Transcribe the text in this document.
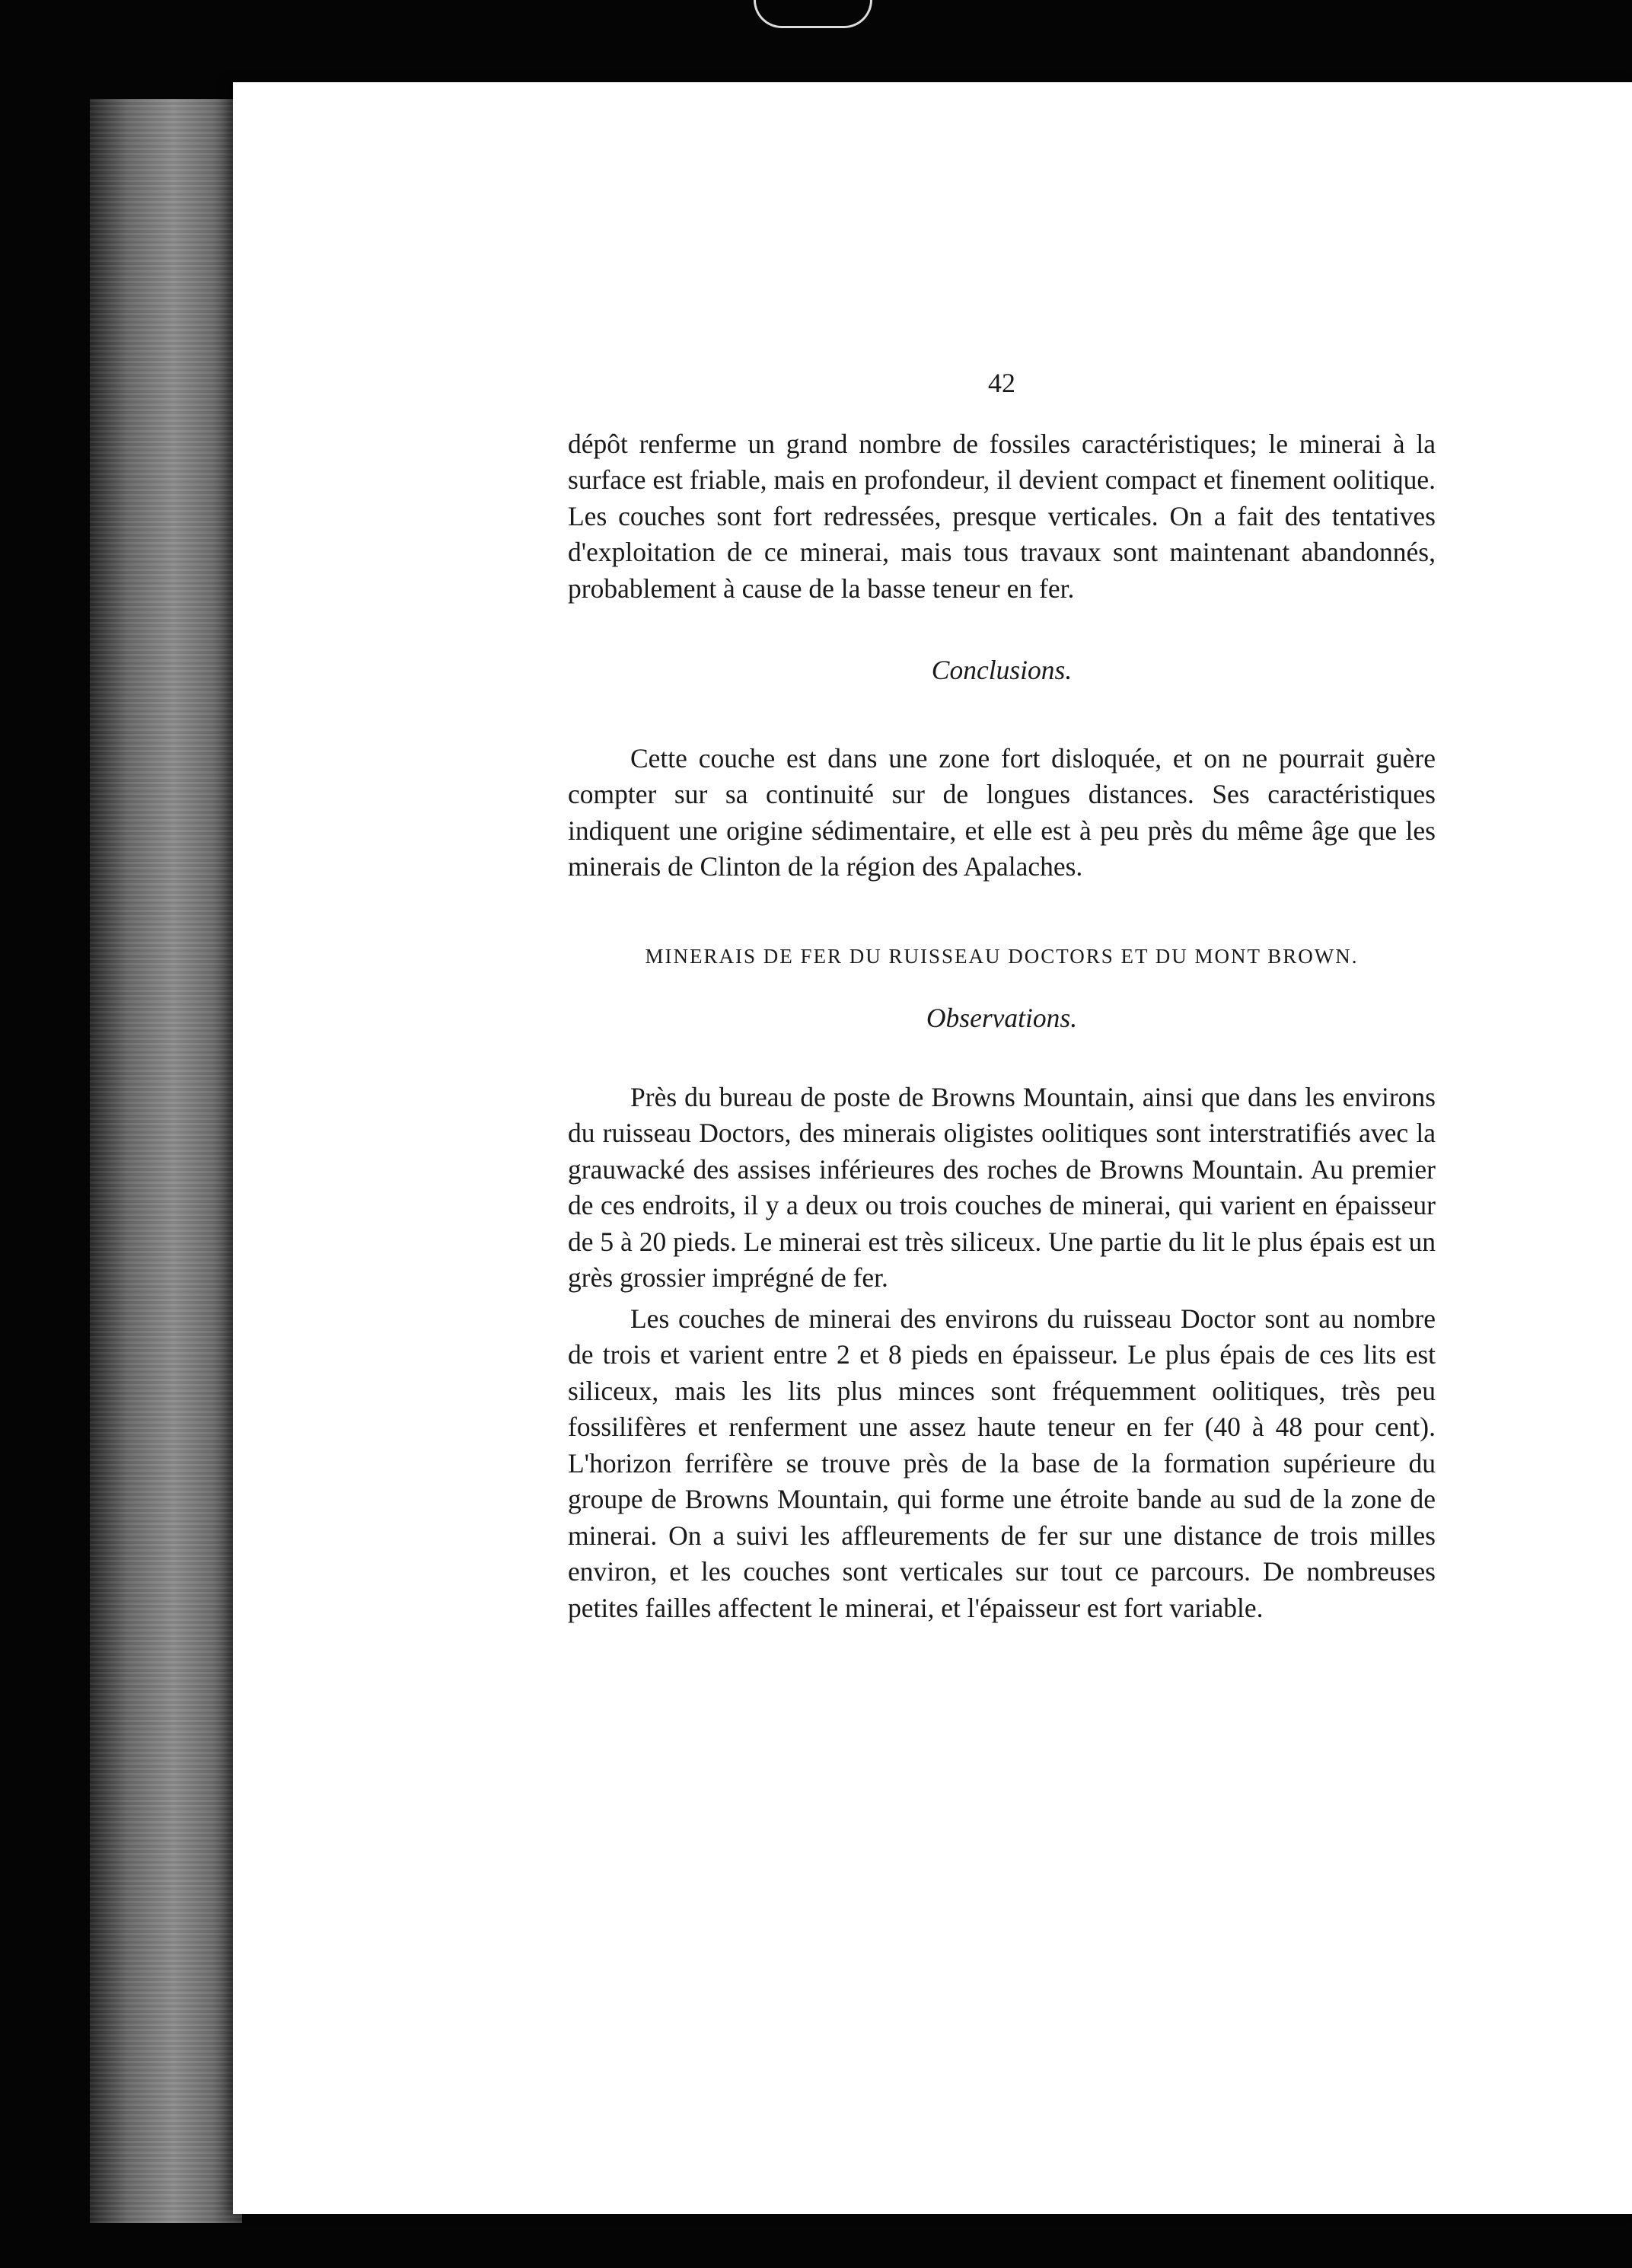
42

dépôt renferme un grand nombre de fossiles caractéristiques; le minerai à la surface est friable, mais en profondeur, il devient compact et finement oolitique. Les couches sont fort redressées, presque verticales. On a fait des tentatives d'exploitation de ce minerai, mais tous travaux sont maintenant abandonnés, probablement à cause de la basse teneur en fer.

Conclusions.

Cette couche est dans une zone fort disloquée, et on ne pourrait guère compter sur sa continuité sur de longues distances. Ses caractéristiques indiquent une origine sédimentaire, et elle est à peu près du même âge que les minerais de Clinton de la région des Apalaches.

MINERAIS DE FER DU RUISSEAU DOCTORS ET DU MONT BROWN.

Observations.

Près du bureau de poste de Browns Mountain, ainsi que dans les environs du ruisseau Doctors, des minerais oligistes oolitiques sont interstratifiés avec la grauwacké des assises inférieures des roches de Browns Mountain. Au premier de ces endroits, il y a deux ou trois couches de minerai, qui varient en épaisseur de 5 à 20 pieds. Le minerai est très siliceux. Une partie du lit le plus épais est un grès grossier imprégné de fer.

Les couches de minerai des environs du ruisseau Doctor sont au nombre de trois et varient entre 2 et 8 pieds en épaisseur. Le plus épais de ces lits est siliceux, mais les lits plus minces sont fréquemment oolitiques, très peu fossilifères et renferment une assez haute teneur en fer (40 à 48 pour cent). L'horizon ferrifère se trouve près de la base de la formation supérieure du groupe de Browns Mountain, qui forme une étroite bande au sud de la zone de minerai. On a suivi les affleurements de fer sur une distance de trois milles environ, et les couches sont verticales sur tout ce parcours. De nombreuses petites failles affectent le minerai, et l'épaisseur est fort variable.
